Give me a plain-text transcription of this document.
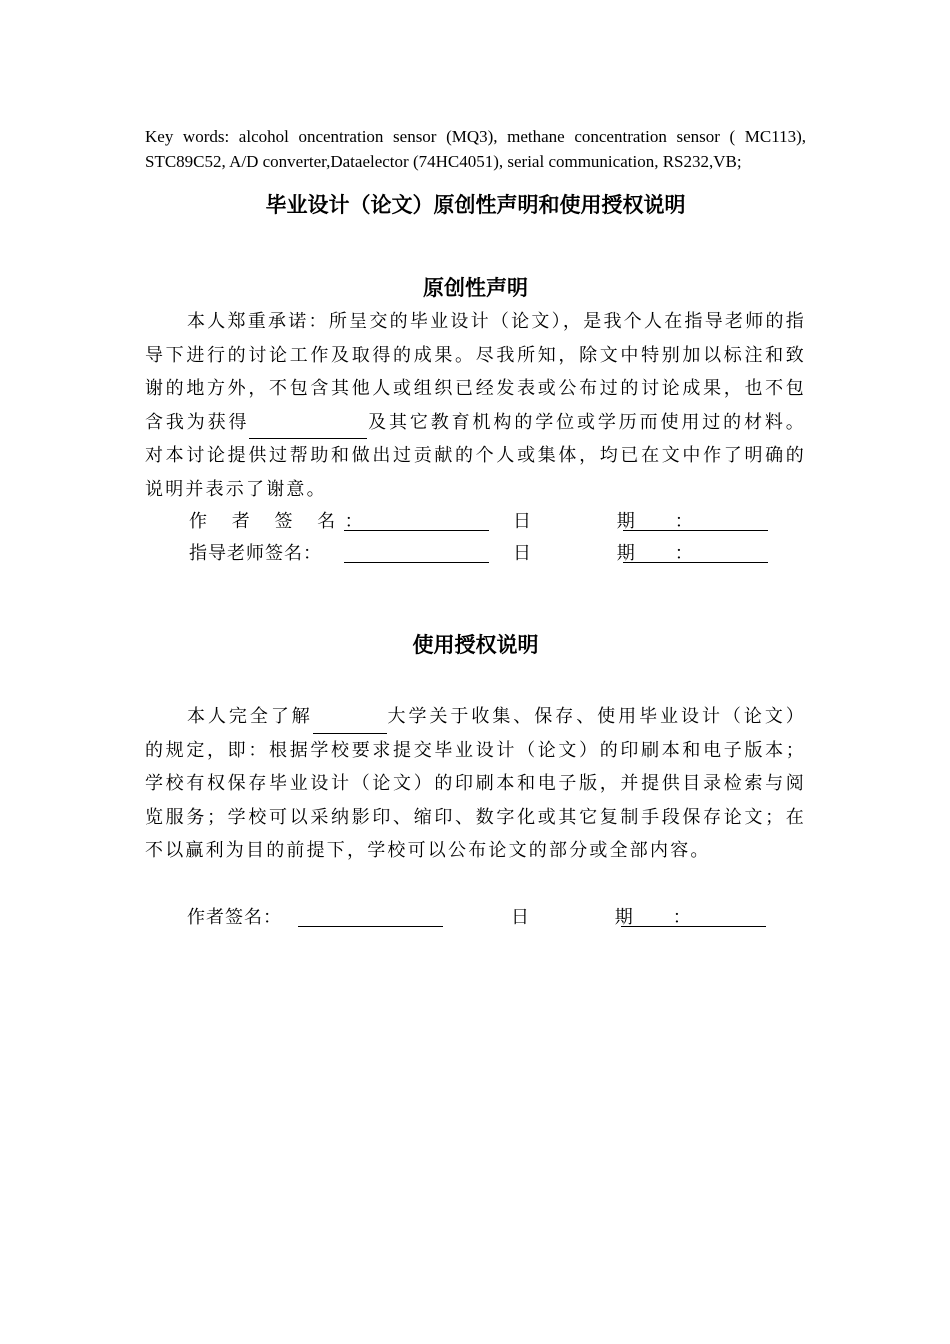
Key words: alcohol oncentration sensor (MQ3), methane concentration sensor ( MC113), STC89C52, A/D converter,Dataelector (74HC4051), serial communication, RS232,VB;

毕业设计（论文）原创性声明和使用授权说明
原创性声明

本人郑重承诺：所呈交的毕业设计（论文），是我个人在指导老师的指导下进行的讨论工作及取得的成果。尽我所知，除文中特别加以标注和致谢的地方外，不包含其他人或组织已经发表或公布过的讨论成果，也不包含我为获得	及其它教育机构的学位或学历而使用过的材料。对本讨论提供过帮助和做出过贡献的个人或集体，均已在文中作了明确的说明并表示了谢意。

作 者 签 名：	日 期：
指导老师签名：	日 期：
使用授权说明

本人完全了解	大学关于收集、保存、使用毕业设计（论文）的规定，即：根据学校要求提交毕业设计（论文）的印刷本和电子版本；学校有权保存毕业设计（论文）的印刷本和电子版，并提供目录检索与阅览服务；学校可以采纳影印、缩印、数字化或其它复制手段保存论文；在不以赢利为目的前提下，学校可以公布论文的部分或全部内容。

作者签名：	日 期：
